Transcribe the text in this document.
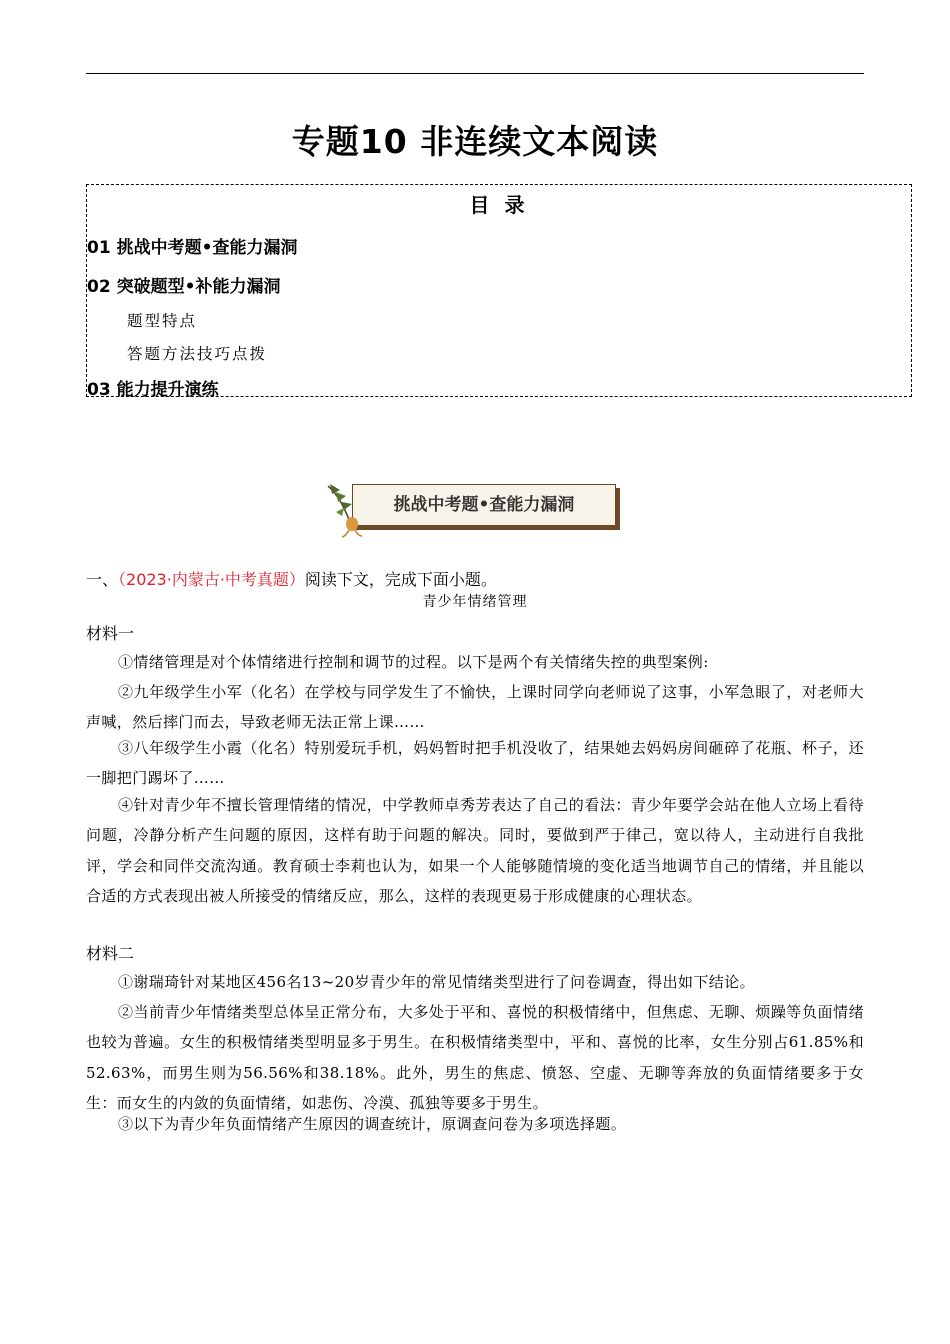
专题10 非连续文本阅读
目 录
01 挑战中考题•查能力漏洞
02 突破题型•补能力漏洞
题型特点
答题方法技巧点拨
03 能力提升演练
挑战中考题•查能力漏洞
一、（2023·内蒙古·中考真题）阅读下文，完成下面小题。
青少年情绪管理
材料一
①情绪管理是对个体情绪进行控制和调节的过程。以下是两个有关情绪失控的典型案例:
②九年级学生小军（化名）在学校与同学发生了不愉快，上课时同学向老师说了这事，小军急眼了，对老师大声喊，然后摔门而去，导致老师无法正常上课……
③八年级学生小霞（化名）特别爱玩手机，妈妈暂时把手机没收了，结果她去妈妈房间砸碎了花瓶、杯子，还一脚把门踢坏了……
④针对青少年不擅长管理情绪的情况，中学教师卓秀芳表达了自己的看法：青少年要学会站在他人立场上看待问题，冷静分析产生问题的原因，这样有助于问题的解决。同时，要做到严于律己，宽以待人，主动进行自我批评，学会和同伴交流沟通。教育硕士李莉也认为，如果一个人能够随情境的变化适当地调节自己的情绪，并且能以合适的方式表现出被人所接受的情绪反应，那么，这样的表现更易于形成健康的心理状态。
材料二
①谢瑞琦针对某地区456名13~20岁青少年的常见情绪类型进行了问卷调查，得出如下结论。
②当前青少年情绪类型总体呈正常分布，大多处于平和、喜悦的积极情绪中，但焦虑、无聊、烦躁等负面情绪也较为普遍。女生的积极情绪类型明显多于男生。在积极情绪类型中，平和、喜悦的比率，女生分别占61.85%和52.63%，而男生则为56.56%和38.18%。此外，男生的焦虑、愤怒、空虚、无聊等奔放的负面情绪要多于女生：而女生的内敛的负面情绪，如悲伤、冷漠、孤独等要多于男生。
③以下为青少年负面情绪产生原因的调查统计，原调查问卷为多项选择题。
